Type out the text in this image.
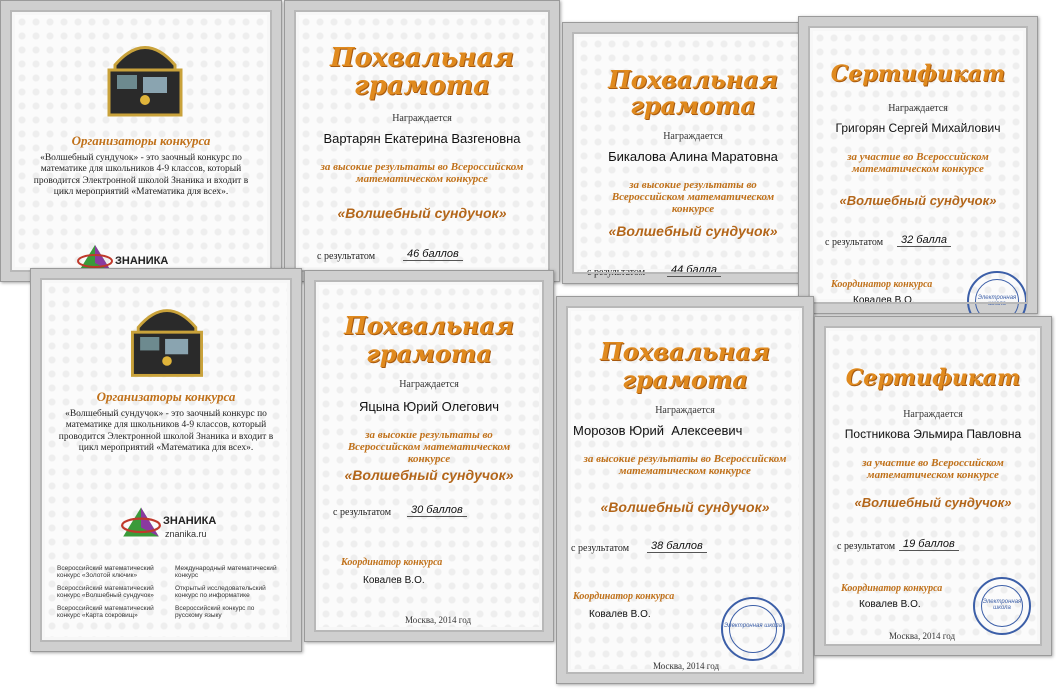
Организаторы конкурса
«Волшебный сундучок» - это заочный конкурс по математике для школьников 4-9 классов, который проводится Электронной школой Знаника и входит в цикл мероприятий «Математика для всех».
ЗНАНИКА
Похвальная
грамота
Награждается
Вартарян Екатерина Вазгеновна
за высокие результаты во Всероссийском математическом конкурсе
«Волшебный сундучок»
с результатом	46 баллов
Похвальная
грамота
Награждается
Бикалова Алина Маратовна
за высокие результаты во Всероссийском математическом конкурсе
«Волшебный сундучок»
с результатом	44 балла
Сертификат
Награждается
Григорян Сергей Михайлович
за участие во Всероссийском математическом конкурсе
«Волшебный сундучок»
с результатом	32 балла
Координатор конкурса
Ковалев В.О.	Электронная школа
Организаторы конкурса
«Волшебный сундучок» - это заочный конкурс по математике для школьников 4-9 классов, который проводится Электронной школой Знаника и входит в цикл мероприятий «Математика для всех».
ЗНАНИКА
znanika.ru
Всероссийский математический конкурс «Золотой ключик»
Международный математический конкурс
Всероссийский математический конкурс «Волшебный сундучок»
Открытый исследовательский конкурс по информатике
Всероссийский математический конкурс «Карта сокровищ»
Всероссийский конкурс по русскому языку
Похвальная
грамота
Награждается
Яцына Юрий Олегович
за высокие результаты во Всероссийском математическом конкурсе
«Волшебный сундучок»
с результатом	30 баллов
Координатор конкурса
Ковалев В.О.
Москва, 2014 год
Похвальная
грамота
Награждается
Морозов Юрий  Алексеевич
за высокие результаты во Всероссийском математическом конкурсе
«Волшебный сундучок»
с результатом	38 баллов
Координатор конкурса
Ковалев В.О.
Электронная школа
Москва, 2014 год
Сертификат
Награждается
Постникова Эльмира Павловна
за участие во Всероссийском математическом конкурсе
«Волшебный сундучок»
с результатом 19 баллов
Координатор конкурса
Ковалев В.О.	Электронная школа
Москва, 2014 год
